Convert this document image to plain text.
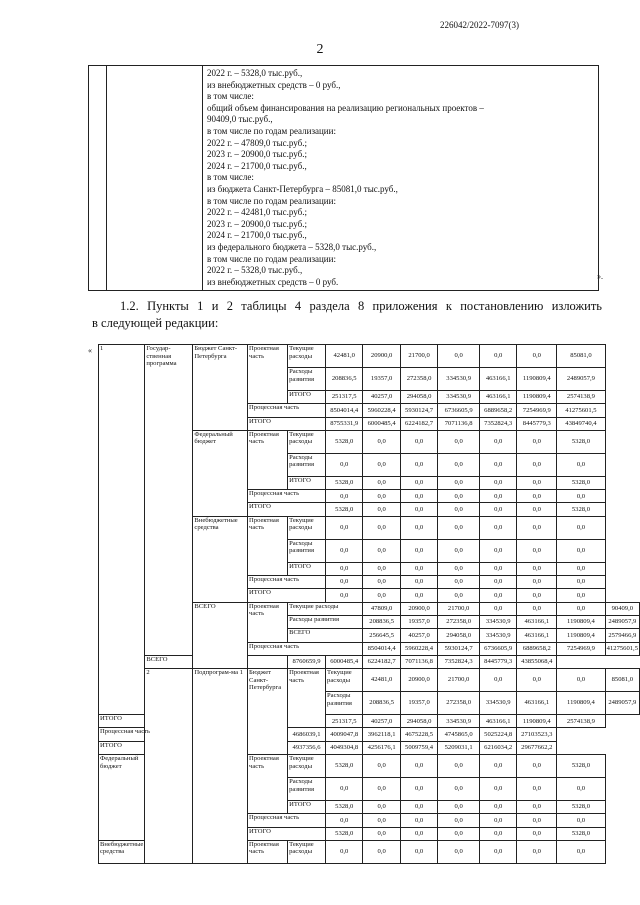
226042/2022-7097(3)
2

2022 г. – 5328,0 тыс.руб.,
из внебюджетных средств – 0 руб.,
в том числе:
общий объем финансирования на реализацию региональных проектов –
90409,0 тыс.руб.,
в том числе по годам реализации:
2022 г. – 47809,0 тыс.руб.;
2023 г. – 20900,0 тыс.руб.;
2024 г. – 21700,0 тыс.руб.,
в том числе:
из бюджета Санкт-Петербурга – 85081,0 тыс.руб.,
в том числе по годам реализации:
2022 г. – 42481,0 тыс.руб.;
2023 г. – 20900,0 тыс.руб.;
2024 г. – 21700,0 тыс.руб.,
из федерального бюджета – 5328,0 тыс.руб.,
в том числе по годам реализации:
2022 г. – 5328,0 тыс.руб.,
из внебюджетных средств – 0 руб.
».
1.2. Пункты 1 и 2 таблицы 4 раздела 8 приложения к постановлению изложить
в следующей редакции:
« 1	Государ-ственная программа	Бюджет Санкт-Петербурга	Проектная часть	Текущие расходы	42481,0	20900,0	21700,0	0,0	0,0	0,0	85081,0	
				Расходы развития	208836,5	19357,0	272358,0	334530,9	463166,1	1190809,4	2489057,9	
				ИТОГО	251317,5	40257,0	294058,0	334530,9	463166,1	1190809,4	2574138,9	
			Процессная часть		8504014,4	5960228,4	5930124,7	6736605,9	6889658,2	7254969,9	41275601,5	
			ИТОГО		8755331,9	6000485,4	6224182,7	7071136,8	7352824,3	8445779,3	43849740,4	
		Федеральный бюджет	Проектная часть	Текущие расходы	5328,0	0,0	0,0	0,0	0,0	0,0	5328,0	
				Расходы развития	0,0	0,0	0,0	0,0	0,0	0,0	0,0	
				ИТОГО	5328,0	0,0	0,0	0,0	0,0	0,0	5328,0	
			Процессная часть		0,0	0,0	0,0	0,0	0,0	0,0	0,0	
			ИТОГО		5328,0	0,0	0,0	0,0	0,0	0,0	5328,0	
		Внебюджетные средства	Проектная часть	Текущие расходы	0,0	0,0	0,0	0,0	0,0	0,0	0,0	
				Расходы развития	0,0	0,0	0,0	0,0	0,0	0,0	0,0	
				ИТОГО	0,0	0,0	0,0	0,0	0,0	0,0	0,0	
			Процессная часть		0,0	0,0	0,0	0,0	0,0	0,0	0,0	
			ИТОГО		0,0	0,0	0,0	0,0	0,0	0,0	0,0	
		ВСЕГО	Проектная часть	Текущие расходы		47809,0	20900,0	21700,0	0,0	0,0	0,0	90409,0
				Расходы развития		208836,5	19357,0	272358,0	334530,9	463166,1	1190809,4	2489057,9
				ВСЕГО		256645,5	40257,0	294058,0	334530,9	463166,1	1190809,4	2579466,9
			Процессная часть			8504014,4	5960228,4	5930124,7	6736605,9	6889658,2	7254969,9	41275601,5
	ВСЕГО			8760659,9	6000485,4	6224182,7	7071136,8	7352824,3	8445779,3	43855068,4		
	2	Подпрограм-ма 1	Бюджет Санкт-Петербурга	Проектная часть	Текущие расходы	42481,0	20900,0	21700,0	0,0	0,0	0,0	85081,0
					Расходы развития	208836,5	19357,0	272358,0	334530,9	463166,1	1190809,4	2489057,9
ИТОГО					251317,5	40257,0	294058,0	334530,9	463166,1	1190809,4	2574138,9	
Процессная часть				4686039,1	4009047,8	3962118,1	4675228,5	4745865,0	5025224,8	27103523,3		
ИТОГО				4937356,6	4049304,8	4256176,1	5009759,4	5209031,1	6216034,2	29677662,2		
Федеральный бюджет			Проектная часть	Текущие расходы	5328,0	0,0	0,0	0,0	0,0	0,0	5328,0	
				Расходы развития	0,0	0,0	0,0	0,0	0,0	0,0	0,0	
				ИТОГО	5328,0	0,0	0,0	0,0	0,0	0,0	5328,0	
			Процессная часть		0,0	0,0	0,0	0,0	0,0	0,0	0,0	
			ИТОГО		5328,0	0,0	0,0	0,0	0,0	0,0	5328,0	
Внебюджетные средства			Проектная часть	Текущие расходы	0,0	0,0	0,0	0,0	0,0	0,0	0,0	
